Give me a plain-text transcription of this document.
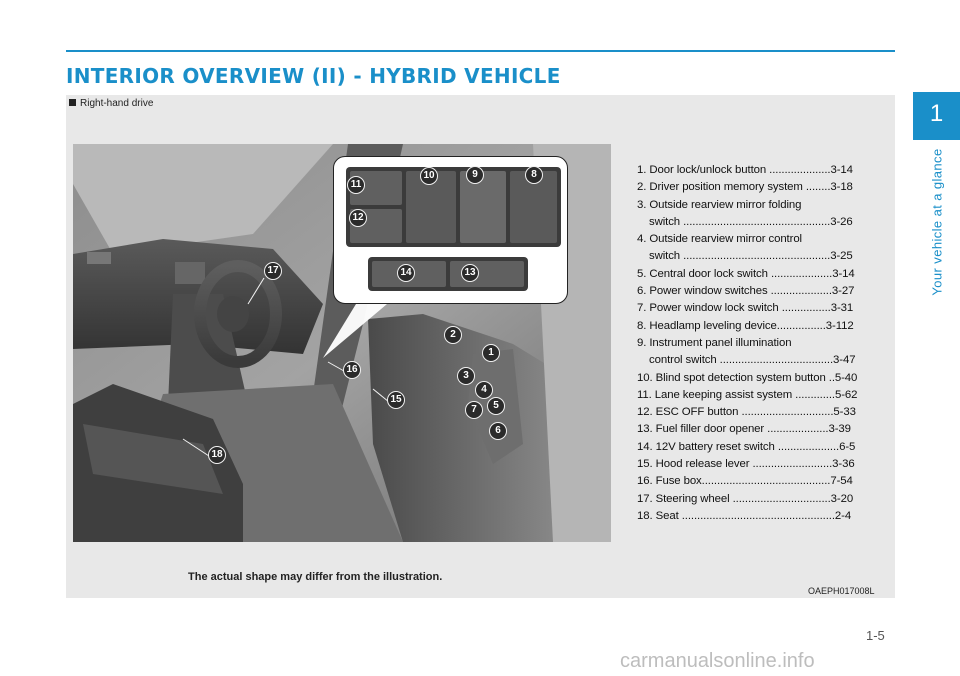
INTERIOR OVERVIEW (II) - HYBRID VEHICLE
Right-hand drive
1
2
3
4
5
6
7
8
9
10
11
12
13
14
15
16
17
18
The actual shape may differ from the illustration.
OAEPH017008L
1. Door lock/unlock button ....................3-14
2. Driver position memory system ........3-18
3. Outside rearview mirror folding
switch ................................................3-26
4. Outside rearview mirror control
switch ................................................3-25
5. Central door lock switch ....................3-14
6. Power window switches ....................3-27
7. Power window lock switch ................3-31
8. Headlamp leveling device................3-112
9. Instrument panel illumination
control switch .....................................3-47
10. Blind spot detection system button ..5-40
11. Lane keeping assist system .............5-62
12. ESC OFF button ..............................5-33
13. Fuel filler door opener ....................3-39
14. 12V battery reset switch ....................6-5
15. Hood release lever ..........................3-36
16. Fuse box..........................................7-54
17. Steering wheel ................................3-20
18. Seat ..................................................2-4
1
Your vehicle at a glance
1-5
carmanualsonline.info
